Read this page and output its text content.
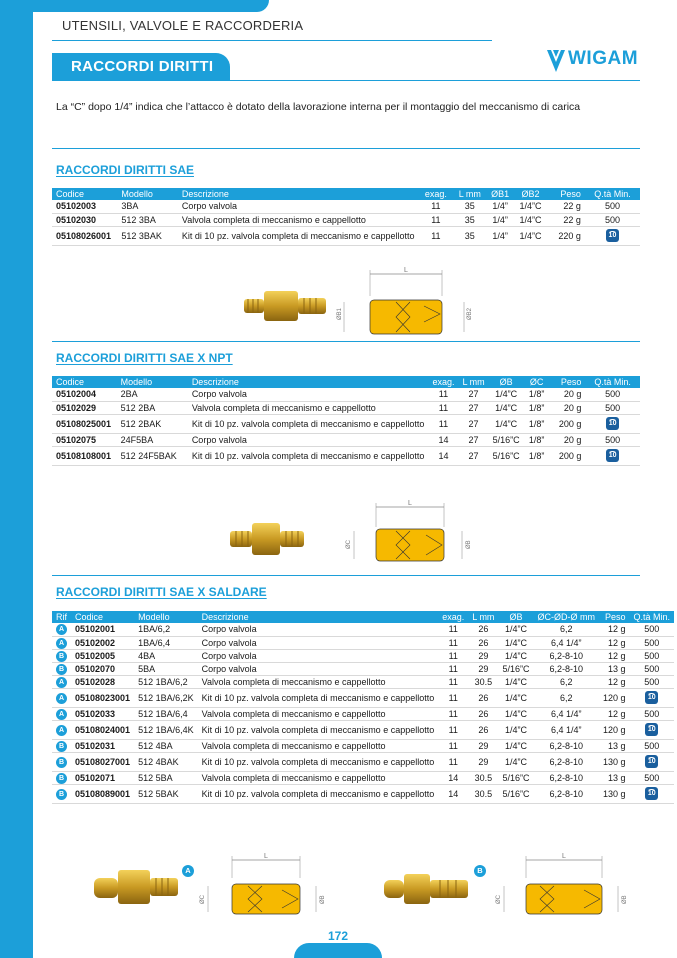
UTENSILI, VALVOLE E RACCORDERIA
RACCORDI DIRITTI	WIGAM
La “C” dopo 1/4” indica che l’attacco è dotato della lavorazione interna per il montaggio del meccanismo di carica
RACCORDI DIRITTI SAE
Codice	Modello	Descrizione	exag.	L mm	ØB1	ØB2	Peso	Q.tà Min.
05102003	3BA	Corpo valvola	11	35	1/4”	1/4”C	22 g	500
05102030	512 3BA	Valvola completa di meccanismo e cappellotto	11	35	1/4”	1/4”C	22 g	500
05108026001	512 3BAK	Kit di 10 pz. valvola completa di meccanismo e cappellotto	11	35	1/4”	1/4”C	220 g	10
L
ØB1	ØB2
RACCORDI DIRITTI SAE X NPT
Codice	Modello	Descrizione	exag.	L mm	ØB	ØC	Peso	Q.tà Min.
05102004	2BA	Corpo valvola	11	27	1/4”C	1/8”	20 g	500
05102029	512 2BA	Valvola completa di meccanismo e cappellotto	11	27	1/4”C	1/8”	20 g	500
05108025001	512 2BAK	Kit di 10 pz. valvola completa di meccanismo e cappellotto	11	27	1/4”C	1/8”	200 g	10
05102075	24F5BA	Corpo valvola	14	27	5/16”C	1/8”	20 g	500
05108108001	512 24F5BAK	Kit di 10 pz. valvola completa di meccanismo e cappellotto	14	27	5/16”C	1/8”	200 g	10
L
ØC	ØB
RACCORDI DIRITTI SAE X SALDARE
Rif	Codice	Modello	Descrizione	exag.	L mm	ØB	ØC-ØD-Ø mm	Peso	Q.tà Min.
A	05102001	1BA/6,2	Corpo valvola	11	26	1/4”C	6,2	12 g	500
A	05102002	1BA/6,4	Corpo valvola	11	26	1/4”C	6,4 1/4”	12 g	500
B	05102005	4BA	Corpo valvola	11	29	1/4”C	6,2-8-10	12 g	500
B	05102070	5BA	Corpo valvola	11	29	5/16”C	6,2-8-10	13 g	500
A	05102028	512 1BA/6,2	Valvola completa di meccanismo e cappellotto	11	30.5	1/4”C	6,2	12 g	500
A	05108023001	512 1BA/6,2K	Kit di 10 pz. valvola completa di meccanismo e cappellotto	11	26	1/4”C	6,2	120 g	10
A	05102033	512 1BA/6,4	Valvola completa di meccanismo e cappellotto	11	26	1/4”C	6,4 1/4”	12 g	500
A	05108024001	512 1BA/6,4K	Kit di 10 pz. valvola completa di meccanismo e cappellotto	11	26	1/4”C	6,4 1/4”	120 g	10
B	05102031	512 4BA	Valvola completa di meccanismo e cappellotto	11	29	1/4”C	6,2-8-10	13 g	500
B	05108027001	512 4BAK	Kit di 10 pz. valvola completa di meccanismo e cappellotto	11	29	1/4”C	6,2-8-10	130 g	10
B	05102071	512 5BA	Valvola completa di meccanismo e cappellotto	14	30.5	5/16”C	6,2-8-10	13 g	500
B	05108089001	512 5BAK	Kit di 10 pz. valvola completa di meccanismo e cappellotto	14	30.5	5/16”C	6,2-8-10	130 g	10
A
L
ØC	ØB
B
L
ØC	ØB
172
